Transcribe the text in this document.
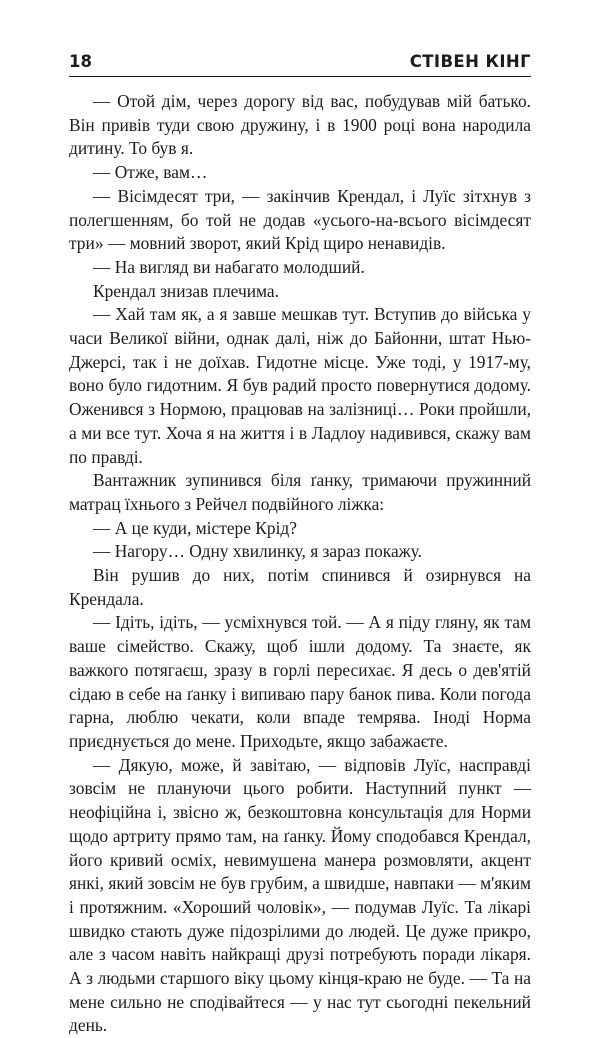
18	СТІВЕН КІНГ

— Отой дім, через дорогу від вас, побудував мій батько. Він привів туди свою дружину, і в 1900 році вона народила дитину. То був я.

— Отже, вам…

— Вісімдесят три, — закінчив Крендал, і Луїс зітхнув з полегшенням, бо той не додав «усього-на-всього вісімдесят три» — мовний зворот, який Крід щиро ненавидів.

— На вигляд ви набагато молодший.

Крендал знизав плечима.

— Хай там як, а я завше мешкав тут. Вступив до війська у часи Великої війни, однак далі, ніж до Байонни, штат Нью-Джерсі, так і не доїхав. Гидотне місце. Уже тоді, у 1917-му, воно було гидотним. Я був радий просто повернутися додому. Оженився з Нормою, працював на залізниці… Роки пройшли, а ми все тут. Хоча я на життя і в Ладлоу надивився, скажу вам по правді.

Вантажник зупинився біля ґанку, тримаючи пружинний матрац їхнього з Рейчел подвійного ліжка:

— А це куди, містере Крід?

— Нагору… Одну хвилинку, я зараз покажу.

Він рушив до них, потім спинився й озирнувся на Крендала.

— Ідіть, ідіть, — усміхнувся той. — А я піду гляну, як там ваше сімейство. Скажу, щоб ішли додому. Та знаєте, як важкого потягаєш, зразу в горлі пересихає. Я десь о дев'ятій сідаю в себе на ґанку і випиваю пару банок пива. Коли погода гарна, люблю чекати, коли впаде темрява. Іноді Норма приєднується до мене. Приходьте, якщо забажаєте.

— Дякую, може, й завітаю, — відповів Луїс, насправді зовсім не плануючи цього робити. Наступний пункт — неофіційна і, звісно ж, безкоштовна консультація для Норми щодо артриту прямо там, на ґанку. Йому сподобався Крендал, його кривий осміх, невимушена манера розмовляти, акцент янкі, який зовсім не був грубим, а швидше, навпаки — м'яким і протяжним. «Хороший чоловік», — подумав Луїс. Та лікарі швидко стають дуже підозрілими до людей. Це дуже прикро, але з часом навіть найкращі друзі потребують поради лікаря. А з людьми старшого віку цьому кінця-краю не буде. — Та на мене сильно не сподівайтеся — у нас тут сьогодні пекельний день.
